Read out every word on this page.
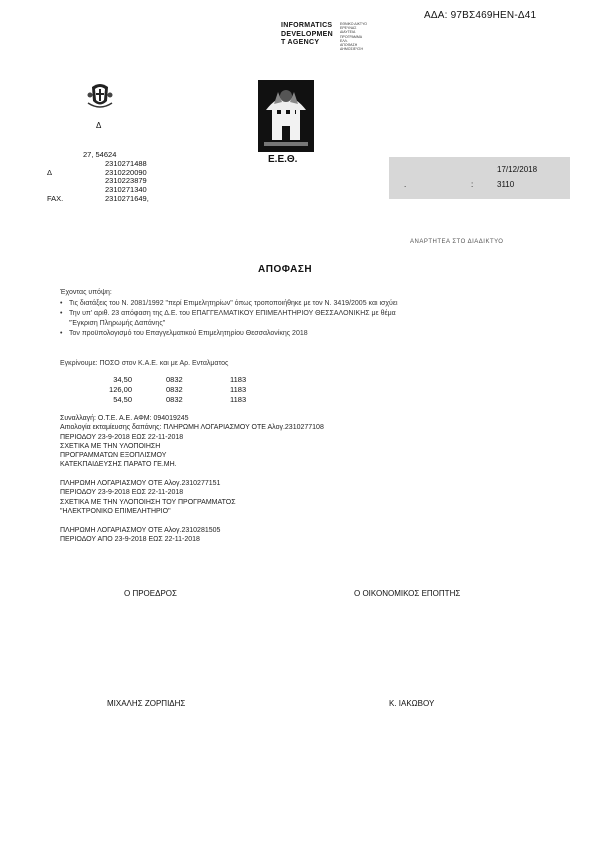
ΑΔΑ: 97ΒΣ469ΗΕΝ-Δ41
INFORMATICS
DEVELOPMEN
T AGENCY
ΕΘΝΙΚΟ ΔΙΚΤΥΟ
ΕΡΕΥΝΑΣ
ΔΙΑΥΓΕΙΑ
ΠΡΟΓΡΑΜΜΑ
ΕΛΛ.
ΑΠΟΦΑΣΗ
ΔΗΜΟΣΙΕΥΣΗ
Δ
Ε.Ε.Θ.
27, 54624
2310271488
Δ	2310220090
2310223879
2310271340
FAX.	2310271649,
17/12/2018
.	:	3110
ΑΝΑΡΤΗΤΕΑ ΣΤΟ ΔΙΑΔΙΚΤΥΟ
ΑΠΟΦΑΣΗ
Έχοντας υπόψη:
• Τις διατάξεις του Ν. 2081/1992 "περί Επιμελητηρίων" όπως τροποποιήθηκε με τον Ν. 3419/2005 και ισχύει
• Την υπ' αριθ. 23 απόφαση της Δ.Ε. του ΕΠΑΓΓΕΛΜΑΤΙΚΟΥ ΕΠΙΜΕΛΗΤΗΡΙΟΥ ΘΕΣΣΑΛΟΝΙΚΗΣ με θέμα
"Έγκριση Πληρωμής Δαπάνης"
• Τον προϋπολογισμό του Επαγγελματικού Επιμελητηρίου Θεσσαλονίκης 2018
Εγκρίνουμε: ΠΟΣΟ στον Κ.Α.Ε. και με Αρ. Ενταλματος
34,50	0832	1183
126,00	0832	1183
54,50	0832	1183
Συναλλαγή: Ο.Τ.Ε. Α.Ε. ΑΦΜ: 094019245
Αιτιολογία εκταμίευσης δαπάνης: ΠΛΗΡΩΜΗ ΛΟΓΑΡΙΑΣΜΟΥ ΟΤΕ Αλογ.2310277108
ΠΕΡΙΟΔΟΥ 23-9-2018 ΕΩΣ 22-11-2018
ΣΧΕΤΙΚΑ ΜΕ ΤΗΝ ΥΛΟΠΟΙΗΣΗ
ΠΡΟΓΡΑΜΜΑΤΩΝ ΕΞΟΠΛΙΣΜΟΥ
ΚΑΤΕΚΠΑΙΔΕΥΣΗΣ ΠΑΡΑΤΟ ΓΕ.ΜΗ.
ΠΛΗΡΩΜΗ ΛΟΓΑΡΙΑΣΜΟΥ ΟΤΕ Αλογ.2310277151
ΠΕΡΙΟΔΟΥ 23-9-2018 ΕΩΣ 22-11-2018
ΣΧΕΤΙΚΑ ΜΕ ΤΗΝ ΥΛΟΠΟΙΗΣΗ ΤΟΥ ΠΡΟΓΡΑΜΜΑΤΟΣ
"ΗΛΕΚΤΡΟΝΙΚΟ ΕΠΙΜΕΛΗΤΗΡΙΟ"
ΠΛΗΡΩΜΗ ΛΟΓΑΡΙΑΣΜΟΥ ΟΤΕ Αλογ.2310281505
ΠΕΡΙΟΔΟΥ ΑΠΟ 23-9-2018 ΕΩΣ 22-11-2018
Ο ΠΡΟΕΔΡΟΣ	Ο ΟΙΚΟΝΟΜΙΚΟΣ ΕΠΟΠΤΗΣ
ΜΙΧΑΛΗΣ ΖΟΡΠΙΔΗΣ	Κ. ΙΑΚΩΒΟΥ
